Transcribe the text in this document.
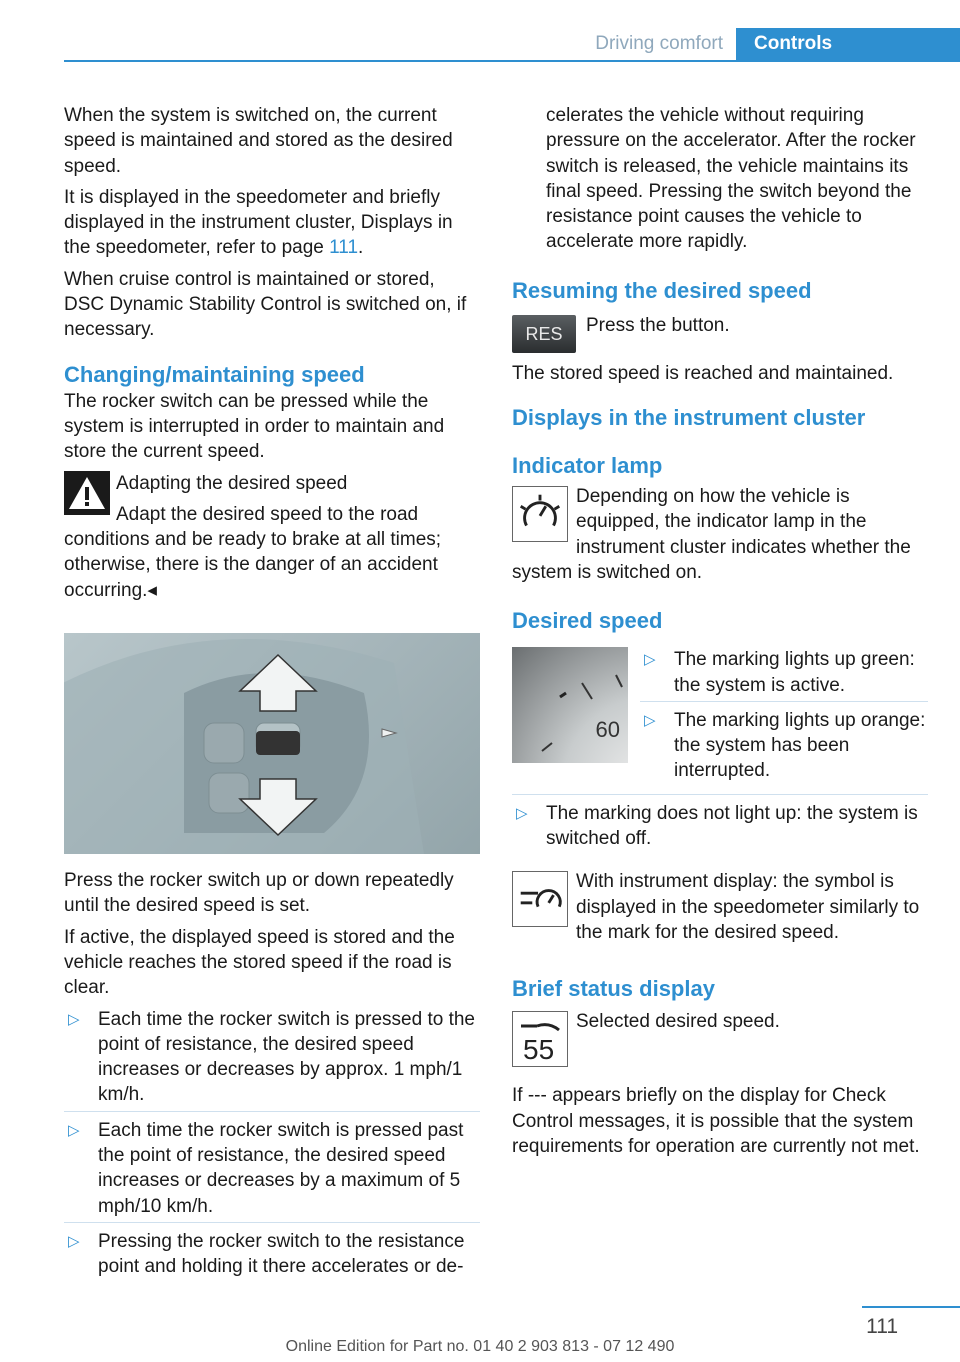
Driving comfort	Controls

When the system is switched on, the current speed is maintained and stored as the desired speed.

It is displayed in the speedometer and briefly displayed in the instrument cluster, Displays in the speedometer, refer to page 111.

When cruise control is maintained or stored, DSC Dynamic Stability Control is switched on, if necessary.

Changing/maintaining speed

The rocker switch can be pressed while the system is interrupted in order to maintain and store the current speed.

Adapting the desired speed

Adapt the desired speed to the road conditions and be ready to brake at all times; otherwise, there is the danger of an accident occurring.◂

Press the rocker switch up or down repeatedly until the desired speed is set.

If active, the displayed speed is stored and the vehicle reaches the stored speed if the road is clear.

▷ Each time the rocker switch is pressed to the point of resistance, the desired speed increases or decreases by approx. 1 mph/1 km/h.
▷ Each time the rocker switch is pressed past the point of resistance, the desired speed increases or decreases by a maximum of 5 mph/10 km/h.
▷ Pressing the rocker switch to the resistance point and holding it there accelerates or de-

celerates the vehicle without requiring pressure on the accelerator. After the rocker switch is released, the vehicle maintains its final speed. Pressing the switch beyond the resistance point causes the vehicle to accelerate more rapidly.

Resuming the desired speed
RES	Press the button.

The stored speed is reached and maintained.

Displays in the instrument cluster
Indicator lamp

Depending on how the vehicle is equipped, the indicator lamp in the instrument cluster indicates whether the system is switched on.

Desired speed
60
▷ The marking lights up green: the system is active.
▷ The marking lights up orange: the system has been interrupted.
▷ The marking does not light up: the system is switched off.

With instrument display: the symbol is displayed in the speedometer similarly to the mark for the desired speed.

Brief status display
55

Selected desired speed.

If --- appears briefly on the display for Check Control messages, it is possible that the system requirements for operation are currently not met.

111
Online Edition for Part no. 01 40 2 903 813 - 07 12 490
